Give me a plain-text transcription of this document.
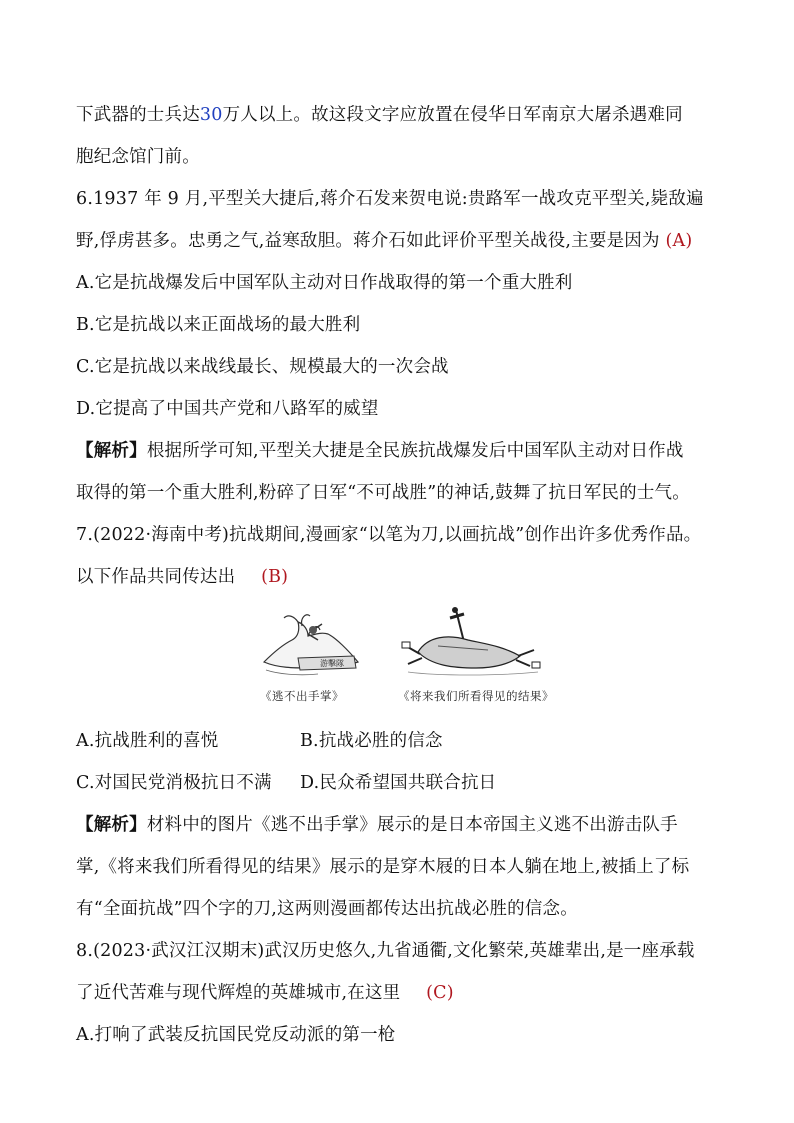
下武器的士兵达30万人以上。故这段文字应放置在侵华日军南京大屠杀遇难同
胞纪念馆门前。
6.1937 年 9 月,平型关大捷后,蒋介石发来贺电说:贵路军一战攻克平型关,毙敌遍
野,俘虏甚多。忠勇之气,益寒敌胆。蒋介石如此评价平型关战役,主要是因为 (A)
A.它是抗战爆发后中国军队主动对日作战取得的第一个重大胜利
B.它是抗战以来正面战场的最大胜利
C.它是抗战以来战线最长、规模最大的一次会战
D.它提高了中国共产党和八路军的威望
【解析】根据所学可知,平型关大捷是全民族抗战爆发后中国军队主动对日作战
取得的第一个重大胜利,粉碎了日军“不可战胜”的神话,鼓舞了抗日军民的士气。
7.(2022·海南中考)抗战期间,漫画家“以笔为刀,以画抗战”创作出许多优秀作品。
以下作品共同传达出 (B)
游擊隊
《逃不出手掌》	《将来我们所看得见的结果》
A.抗战胜利的喜悦	B.抗战必胜的信念
C.对国民党消极抗日不满 D.民众希望国共联合抗日
【解析】材料中的图片《逃不出手掌》展示的是日本帝国主义逃不出游击队手
掌,《将来我们所看得见的结果》展示的是穿木屐的日本人躺在地上,被插上了标
有“全面抗战”四个字的刀,这两则漫画都传达出抗战必胜的信念。
8.(2023·武汉江汉期末)武汉历史悠久,九省通衢,文化繁荣,英雄辈出,是一座承载
了近代苦难与现代辉煌的英雄城市,在这里 (C)
A.打响了武装反抗国民党反动派的第一枪
